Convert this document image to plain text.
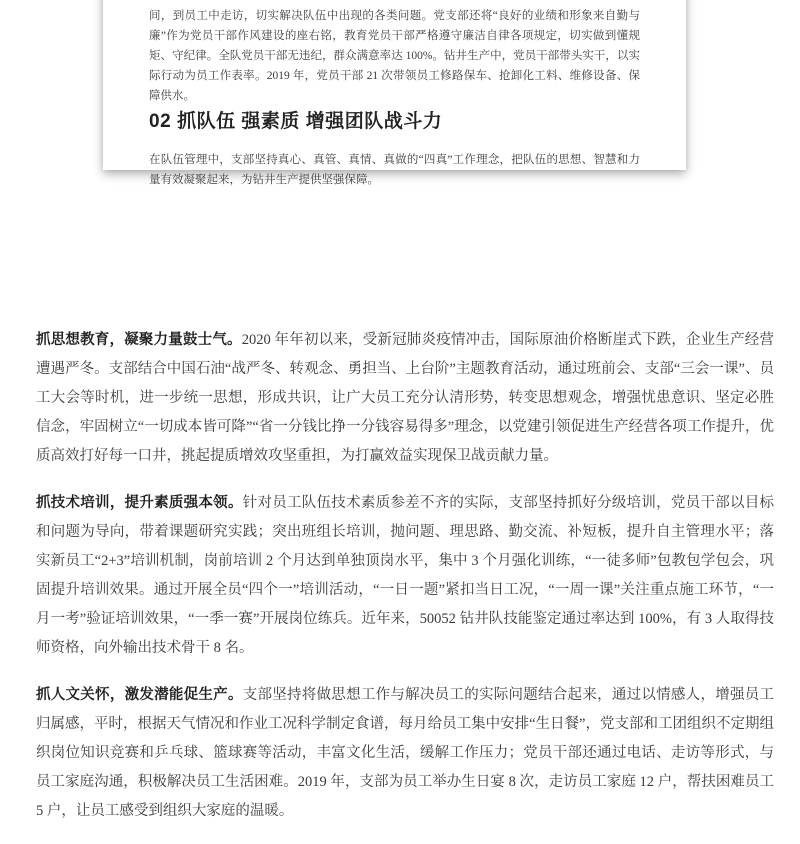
间，到员工中走访，切实解决队伍中出现的各类问题。党支部还将“良好的业绩和形象来自勤与廉”作为党员干部作风建设的座右铭，教育党员干部严格遵守廉洁自律各项规定，切实做到懂规矩、守纪律。全队党员干部无违纪，群众满意率达 100%。钻井生产中，党员干部带头实干，以实际行动为员工作表率。2019 年，党员干部 21 次带领员工修路保车、抢卸化工料、维修设备、保障供水。

02 抓队伍 强素质 增强团队战斗力

在队伍管理中，支部坚持真心、真管、真情、真做的“四真”工作理念，把队伍的思想、智慧和力量有效凝聚起来，为钻井生产提供坚强保障。

抓思想教育，凝聚力量鼓士气。2020 年年初以来，受新冠肺炎疫情冲击，国际原油价格断崖式下跌，企业生产经营遭遇严冬。支部结合中国石油“战严冬、转观念、勇担当、上台阶”主题教育活动，通过班前会、支部“三会一课”、员工大会等时机，进一步统一思想，形成共识，让广大员工充分认清形势，转变思想观念，增强忧患意识、坚定必胜信念，牢固树立“一切成本皆可降”“省一分钱比挣一分钱容易得多”理念，以党建引领促进生产经营各项工作提升，优质高效打好每一口井，挑起提质增效攻坚重担，为打赢效益实现保卫战贡献力量。

抓技术培训，提升素质强本领。针对员工队伍技术素质参差不齐的实际，支部坚持抓好分级培训，党员干部以目标和问题为导向，带着课题研究实践；突出班组长培训，抛问题、理思路、勤交流、补短板，提升自主管理水平；落实新员工“2+3”培训机制，岗前培训 2 个月达到单独顶岗水平，集中 3 个月强化训练，“一徒多师”包教包学包会，巩固提升培训效果。通过开展全员“四个一”培训活动，“一日一题”紧扣当日工况，“一周一课”关注重点施工环节，“一月一考”验证培训效果，“一季一赛”开展岗位练兵。近年来，50052 钻井队技能鉴定通过率达到 100%，有 3 人取得技师资格，向外输出技术骨干 8 名。

抓人文关怀，激发潜能促生产。支部坚持将做思想工作与解决员工的实际问题结合起来，通过以情感人，增强员工归属感，平时，根据天气情况和作业工况科学制定食谱，每月给员工集中安排“生日餐”，党支部和工团组织不定期组织岗位知识竞赛和乒乓球、篮球赛等活动，丰富文化生活，缓解工作压力；党员干部还通过电话、走访等形式，与员工家庭沟通，积极解决员工生活困难。2019 年，支部为员工举办生日宴 8 次，走访员工家庭 12 户，帮扶困难员工 5 户，让员工感受到组织大家庭的温暖。
